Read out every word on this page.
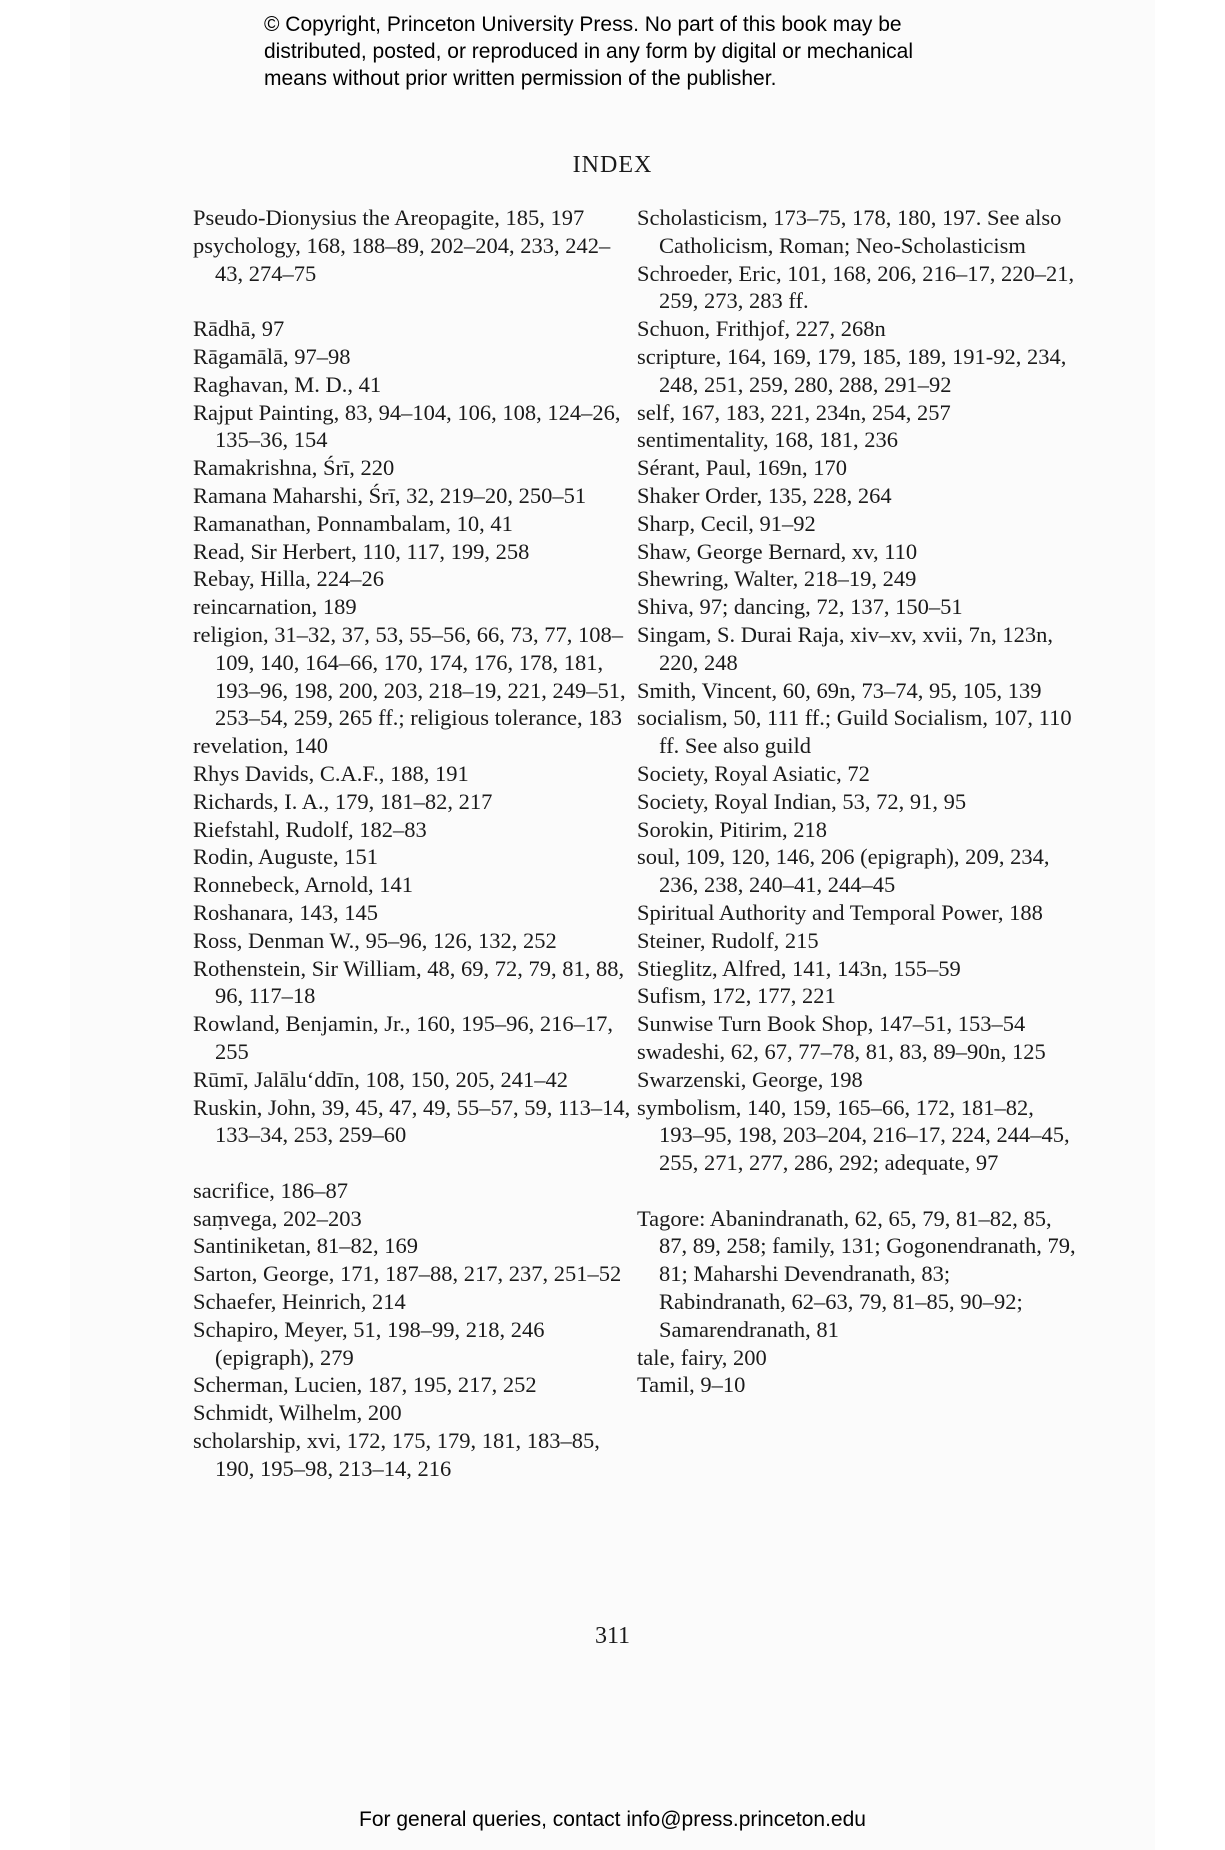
© Copyright, Princeton University Press. No part of this book may be
distributed, posted, or reproduced in any form by digital or mechanical
means without prior written permission of the publisher.
INDEX
Pseudo-Dionysius the Areopagite, 185, 197
psychology, 168, 188–89, 202–204, 233, 242–43, 274–75
Rādhā, 97
Rāgamālā, 97–98
Raghavan, M. D., 41
Rajput Painting, 83, 94–104, 106, 108, 124–26, 135–36, 154
Ramakrishna, Śrī, 220
Ramana Maharshi, Śrī, 32, 219–20, 250–51
Ramanathan, Ponnambalam, 10, 41
Read, Sir Herbert, 110, 117, 199, 258
Rebay, Hilla, 224–26
reincarnation, 189
religion, 31–32, 37, 53, 55–56, 66, 73, 77, 108–109, 140, 164–66, 170, 174, 176, 178, 181, 193–96, 198, 200, 203, 218–19, 221, 249–51, 253–54, 259, 265 ff.; religious tolerance, 183
revelation, 140
Rhys Davids, C.A.F., 188, 191
Richards, I. A., 179, 181–82, 217
Riefstahl, Rudolf, 182–83
Rodin, Auguste, 151
Ronnebeck, Arnold, 141
Roshanara, 143, 145
Ross, Denman W., 95–96, 126, 132, 252
Rothenstein, Sir William, 48, 69, 72, 79, 81, 88, 96, 117–18
Rowland, Benjamin, Jr., 160, 195–96, 216–17, 255
Rūmī, Jalālu‘ddīn, 108, 150, 205, 241–42
Ruskin, John, 39, 45, 47, 49, 55–57, 59, 113–14, 133–34, 253, 259–60
sacrifice, 186–87
saṃvega, 202–203
Santiniketan, 81–82, 169
Sarton, George, 171, 187–88, 217, 237, 251–52
Schaefer, Heinrich, 214
Schapiro, Meyer, 51, 198–99, 218, 246 (epigraph), 279
Scherman, Lucien, 187, 195, 217, 252
Schmidt, Wilhelm, 200
scholarship, xvi, 172, 175, 179, 181, 183–85, 190, 195–98, 213–14, 216
Scholasticism, 173–75, 178, 180, 197. See also Catholicism, Roman; Neo-Scholasticism
Schroeder, Eric, 101, 168, 206, 216–17, 220–21, 259, 273, 283 ff.
Schuon, Frithjof, 227, 268n
scripture, 164, 169, 179, 185, 189, 191-92, 234, 248, 251, 259, 280, 288, 291–92
self, 167, 183, 221, 234n, 254, 257
sentimentality, 168, 181, 236
Sérant, Paul, 169n, 170
Shaker Order, 135, 228, 264
Sharp, Cecil, 91–92
Shaw, George Bernard, xv, 110
Shewring, Walter, 218–19, 249
Shiva, 97; dancing, 72, 137, 150–51
Singam, S. Durai Raja, xiv–xv, xvii, 7n, 123n, 220, 248
Smith, Vincent, 60, 69n, 73–74, 95, 105, 139
socialism, 50, 111 ff.; Guild Socialism, 107, 110 ff. See also guild
Society, Royal Asiatic, 72
Society, Royal Indian, 53, 72, 91, 95
Sorokin, Pitirim, 218
soul, 109, 120, 146, 206 (epigraph), 209, 234, 236, 238, 240–41, 244–45
Spiritual Authority and Temporal Power, 188
Steiner, Rudolf, 215
Stieglitz, Alfred, 141, 143n, 155–59
Sufism, 172, 177, 221
Sunwise Turn Book Shop, 147–51, 153–54
swadeshi, 62, 67, 77–78, 81, 83, 89–90n, 125
Swarzenski, George, 198
symbolism, 140, 159, 165–66, 172, 181–82, 193–95, 198, 203–204, 216–17, 224, 244–45, 255, 271, 277, 286, 292; adequate, 97
Tagore: Abanindranath, 62, 65, 79, 81–82, 85, 87, 89, 258; family, 131; Gogonendranath, 79, 81; Maharshi Devendranath, 83; Rabindranath, 62–63, 79, 81–85, 90–92; Samarendranath, 81
tale, fairy, 200
Tamil, 9–10
311
For general queries, contact info@press.princeton.edu
